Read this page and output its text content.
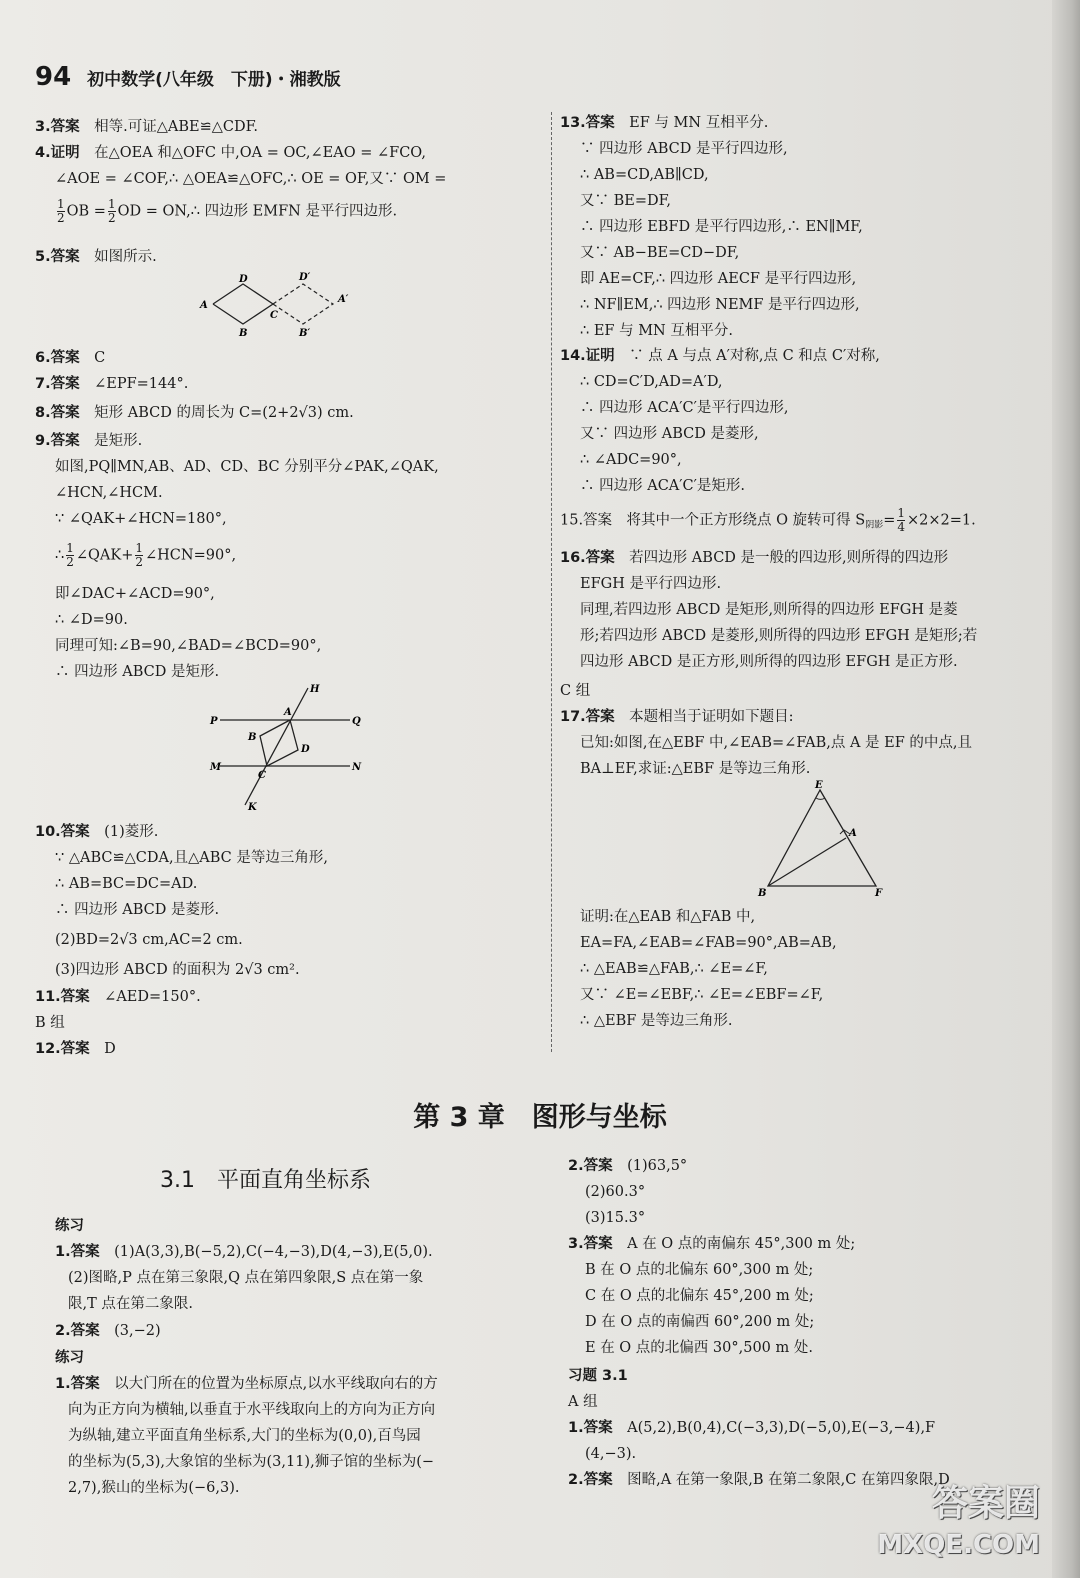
94 初中数学(八年级　下册)・湘教版
3.答案　相等.可证△ABE≌△CDF.
4.证明　在△OEA 和△OFC 中,OA = OC,∠EAO = ∠FCO,
∠AOE = ∠COF,∴ △OEA≌△OFC,∴ OE = OF,又∵ OM =
$\frac{1}{2}$ OB = $\frac{1}{2}$ OD = ON,∴ 四边形 EMFN 是平行四边形.
5.答案　如图所示.
A
B
C
D	D′
A′
B′
6.答案　C
7.答案　∠EPF=144°.
8.答案　矩形 ABCD 的周长为 C=(2+2√3) cm.
9.答案　是矩形.
如图,PQ∥MN,AB、AD、CD、BC 分别平分∠PAK,∠QAK,
∠HCN,∠HCM.
∵ ∠QAK+∠HCN=180°,
∴ $\frac{1}{2}$ ∠QAK+ $\frac{1}{2}$ ∠HCN=90°,
即∠DAC+∠ACD=90°,
∴ ∠D=90.
同理可知:∠B=90,∠BAD=∠BCD=90°,
∴ 四边形 ABCD 是矩形.
P	Q
M	N
A
B
C
D
H
K
10.答案　(1)菱形.
∵ △ABC≌△CDA,且△ABC 是等边三角形,
∴ AB=BC=DC=AD.
∴ 四边形 ABCD 是菱形.
(2)BD=2√3 cm,AC=2 cm.
(3)四边形 ABCD 的面积为 2√3 cm².
11.答案　∠AED=150°.
B 组
12.答案　D
13.答案　EF 与 MN 互相平分.
∵ 四边形 ABCD 是平行四边形,
∴ AB=CD,AB∥CD,
又∵ BE=DF,
∴ 四边形 EBFD 是平行四边形,∴ EN∥MF,
又∵ AB−BE=CD−DF,
即 AE=CF,∴ 四边形 AECF 是平行四边形,
∴ NF∥EM,∴ 四边形 NEMF 是平行四边形,
∴ EF 与 MN 互相平分.
14.证明　∵ 点 A 与点 A′对称,点 C 和点 C′对称,
∴ CD=C′D,AD=A′D,
∴ 四边形 ACA′C′是平行四边形,
又∵ 四边形 ABCD 是菱形,
∴ ∠ADC=90°,
∴ 四边形 ACA′C′是矩形.
15.答案　将其中一个正方形绕点 O 旋转可得 $S_{阴影}= \frac{1}{4} \times 2\times 2=1$.
16.答案　若四边形 ABCD 是一般的四边形,则所得的四边形
EFGH 是平行四边形.
同理,若四边形 ABCD 是矩形,则所得的四边形 EFGH 是菱
形;若四边形 ABCD 是菱形,则所得的四边形 EFGH 是矩形;若
四边形 ABCD 是正方形,则所得的四边形 EFGH 是正方形.
C 组
17.答案　本题相当于证明如下题目:
已知:如图,在△EBF 中,∠EAB=∠FAB,点 A 是 EF 的中点,且
BA⊥EF,求证:△EBF 是等边三角形.
E
A
B	F
证明:在△EAB 和△FAB 中,
EA=FA,∠EAB=∠FAB=90°,AB=AB,
∴ △EAB≌△FAB,∴ ∠E=∠F,
又∵ ∠E=∠EBF,∴ ∠E=∠EBF=∠F,
∴ △EBF 是等边三角形.
第 3 章　图形与坐标
3.1　平面直角坐标系
练习
1.答案　(1)A(3,3),B(−5,2),C(−4,−3),D(4,−3),E(5,0).
(2)图略,P 点在第三象限,Q 点在第四象限,S 点在第一象
限,T 点在第二象限.
2.答案　(3,−2)
练习
1.答案　以大门所在的位置为坐标原点,以水平线取向右的方
向为正方向为横轴,以垂直于水平线取向上的方向为正方向
为纵轴,建立平面直角坐标系,大门的坐标为(0,0),百鸟园
的坐标为(5,3),大象馆的坐标为(3,11),狮子馆的坐标为(−
2,7),猴山的坐标为(−6,3).
2.答案　(1)63,5°
(2)60.3°
(3)15.3°
3.答案　A 在 O 点的南偏东 45°,300 m 处;
B 在 O 点的北偏东 60°,300 m 处;
C 在 O 点的北偏东 45°,200 m 处;
D 在 O 点的南偏西 60°,200 m 处;
E 在 O 点的北偏西 30°,500 m 处.
习题 3.1
A 组
1.答案　A(5,2),B(0,4),C(−3,3),D(−5,0),E(−3,−4),F
(4,−3).
2.答案　图略,A 在第一象限,B 在第二象限,C 在第四象限,D
答案圈
MXQE.COM
